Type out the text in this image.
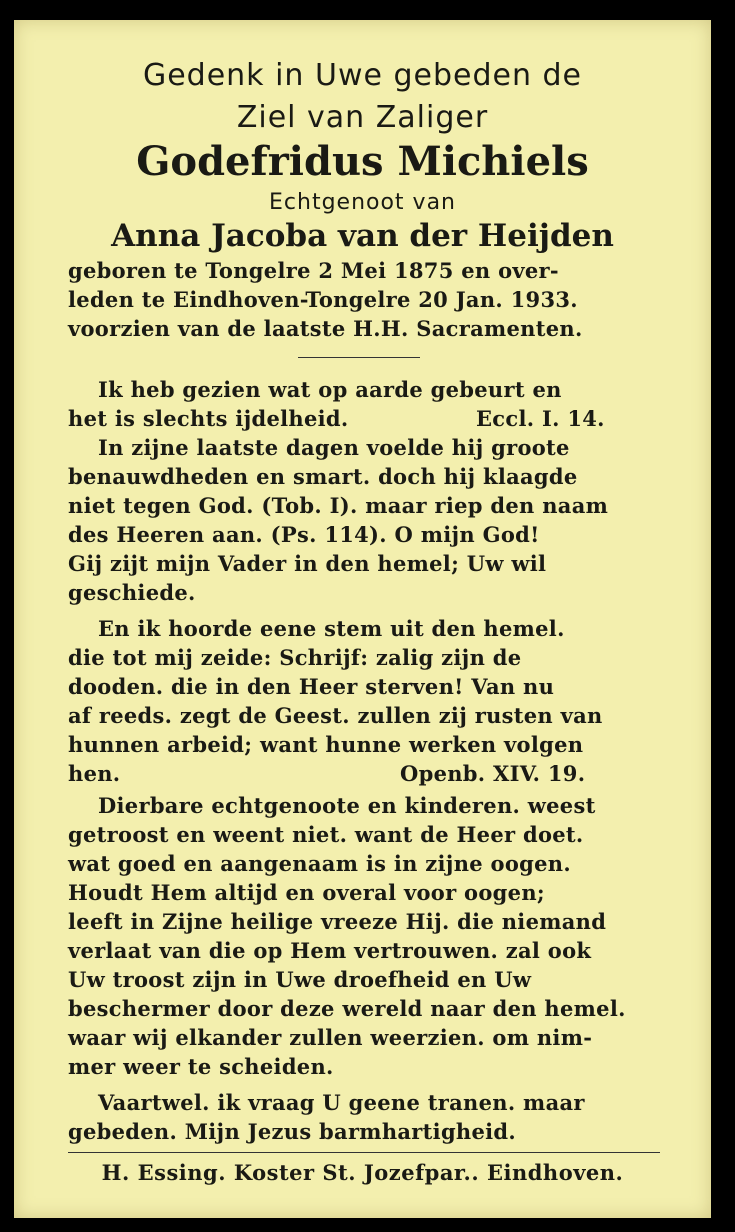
Gedenk in Uwe gebeden de
Ziel van Zaliger
Godefridus Michiels
Echtgenoot van
Anna Jacoba van der Heijden
geboren te Tongelre 2 Mei 1875 en over-
leden te Eindhoven-Tongelre 20 Jan. 1933.
voorzien van de laatste H.H. Sacramenten.
Ik heb gezien wat op aarde gebeurt en
het is slechts ijdelheid.	Eccl. I. 14.
In zijne laatste dagen voelde hij groote
benauwdheden en smart. doch hij klaagde
niet tegen God. (Tob. I). maar riep den naam
des Heeren aan. (Ps. 114). O mijn God!
Gij zijt mijn Vader in den hemel; Uw wil
geschiede.
En ik hoorde eene stem uit den hemel.
die tot mij zeide: Schrijf: zalig zijn de
dooden. die in den Heer sterven! Van nu
af reeds. zegt de Geest. zullen zij rusten van
hunnen arbeid; want hunne werken volgen
hen.	Openb. XIV. 19.
Dierbare echtgenoote en kinderen. weest
getroost en weent niet. want de Heer doet.
wat goed en aangenaam is in zijne oogen.
Houdt Hem altijd en overal voor oogen;
leeft in Zijne heilige vreeze Hij. die niemand
verlaat van die op Hem vertrouwen. zal ook
Uw troost zijn in Uwe droefheid en Uw
beschermer door deze wereld naar den hemel.
waar wij elkander zullen weerzien. om nim-
mer weer te scheiden.
Vaartwel. ik vraag U geene tranen. maar
gebeden. Mijn Jezus barmhartigheid.
H. Essing. Koster St. Jozefpar.. Eindhoven.
